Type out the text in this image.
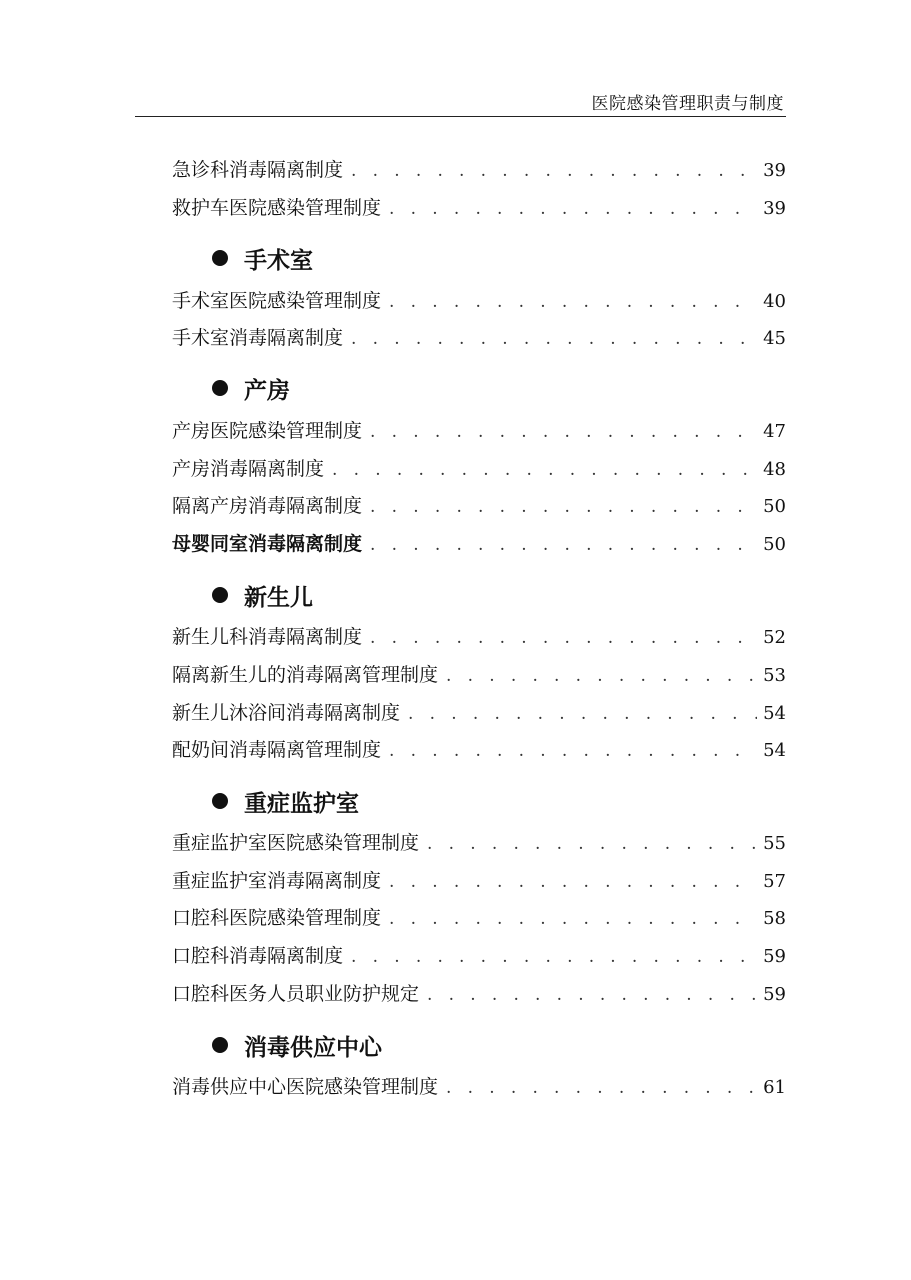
医院感染管理职责与制度
急诊科消毒隔离制度 . . .	39
救护车医院感染管理制度 . . .	39
手术室
手术室医院感染管理制度 . . .	40
手术室消毒隔离制度 . . .	45
产房
产房医院感染管理制度 . . .	47
产房消毒隔离制度 . . .	48
隔离产房消毒隔离制度 . . .	50
母婴同室消毒隔离制度 . . .	50
新生儿
新生儿科消毒隔离制度 . . .	52
隔离新生儿的消毒隔离管理制度 . . .	53
新生儿沐浴间消毒隔离制度 . . .	54
配奶间消毒隔离管理制度 . . .	54
重症监护室
重症监护室医院感染管理制度 . . .	55
重症监护室消毒隔离制度 . . .	57
口腔科医院感染管理制度 . . .	58
口腔科消毒隔离制度 . . .	59
口腔科医务人员职业防护规定 . . .	59
消毒供应中心
消毒供应中心医院感染管理制度 . . .	61
